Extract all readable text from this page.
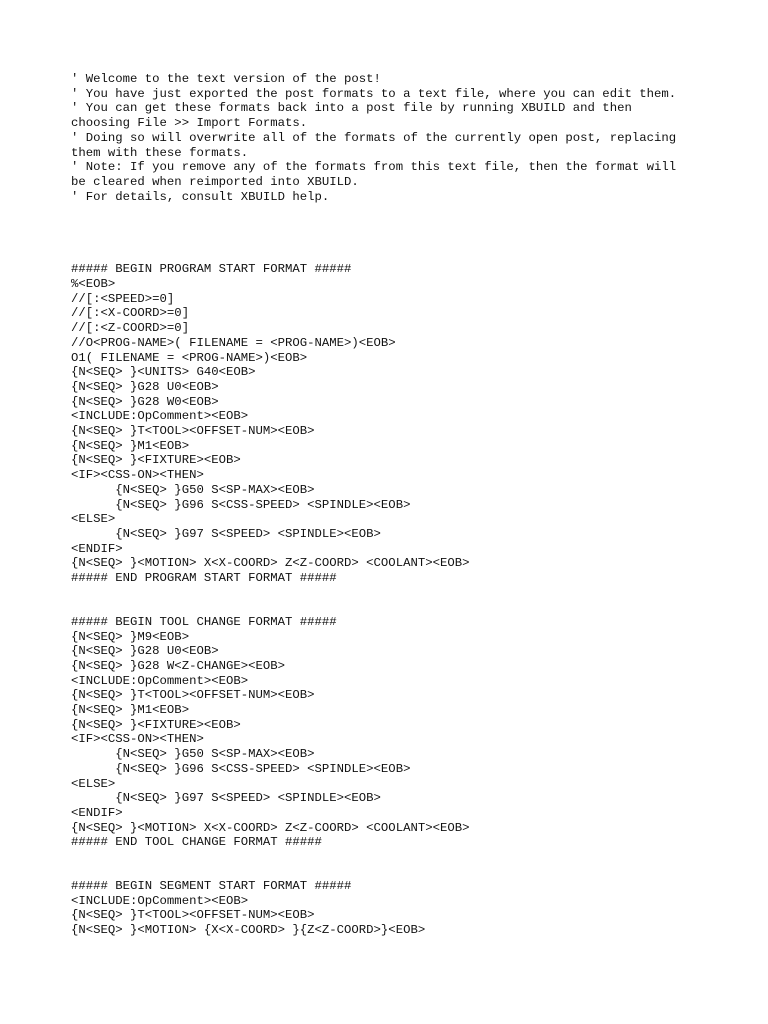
' Welcome to the text version of the post!
' You have just exported the post formats to a text file, where you can edit them.
' You can get these formats back into a post file by running XBUILD and then
choosing File >> Import Formats.
' Doing so will overwrite all of the formats of the currently open post, replacing
them with these formats.
' Note: If you remove any of the formats from this text file, then the format will
be cleared when reimported into XBUILD.
' For details, consult XBUILD help.
##### BEGIN PROGRAM START FORMAT #####
%<EOB>
//[:<SPEED>=0]
//[:<X-COORD>=0]
//[:<Z-COORD>=0]
//O<PROG-NAME>( FILENAME = <PROG-NAME>)<EOB>
O1( FILENAME = <PROG-NAME>)<EOB>
{N<SEQ> }<UNITS> G40<EOB>
{N<SEQ> }G28 U0<EOB>
{N<SEQ> }G28 W0<EOB>
<INCLUDE:OpComment><EOB>
{N<SEQ> }T<TOOL><OFFSET-NUM><EOB>
{N<SEQ> }M1<EOB>
{N<SEQ> }<FIXTURE><EOB>
<IF><CSS-ON><THEN>
{N<SEQ> }G50 S<SP-MAX><EOB>
{N<SEQ> }G96 S<CSS-SPEED> <SPINDLE><EOB>
<ELSE>
{N<SEQ> }G97 S<SPEED> <SPINDLE><EOB>
<ENDIF>
{N<SEQ> }<MOTION> X<X-COORD> Z<Z-COORD> <COOLANT><EOB>
##### END PROGRAM START FORMAT #####
##### BEGIN TOOL CHANGE FORMAT #####
{N<SEQ> }M9<EOB>
{N<SEQ> }G28 U0<EOB>
{N<SEQ> }G28 W<Z-CHANGE><EOB>
<INCLUDE:OpComment><EOB>
{N<SEQ> }T<TOOL><OFFSET-NUM><EOB>
{N<SEQ> }M1<EOB>
{N<SEQ> }<FIXTURE><EOB>
<IF><CSS-ON><THEN>
{N<SEQ> }G50 S<SP-MAX><EOB>
{N<SEQ> }G96 S<CSS-SPEED> <SPINDLE><EOB>
<ELSE>
{N<SEQ> }G97 S<SPEED> <SPINDLE><EOB>
<ENDIF>
{N<SEQ> }<MOTION> X<X-COORD> Z<Z-COORD> <COOLANT><EOB>
##### END TOOL CHANGE FORMAT #####
##### BEGIN SEGMENT START FORMAT #####
<INCLUDE:OpComment><EOB>
{N<SEQ> }T<TOOL><OFFSET-NUM><EOB>
{N<SEQ> }<MOTION> {X<X-COORD> }{Z<Z-COORD>}<EOB>
